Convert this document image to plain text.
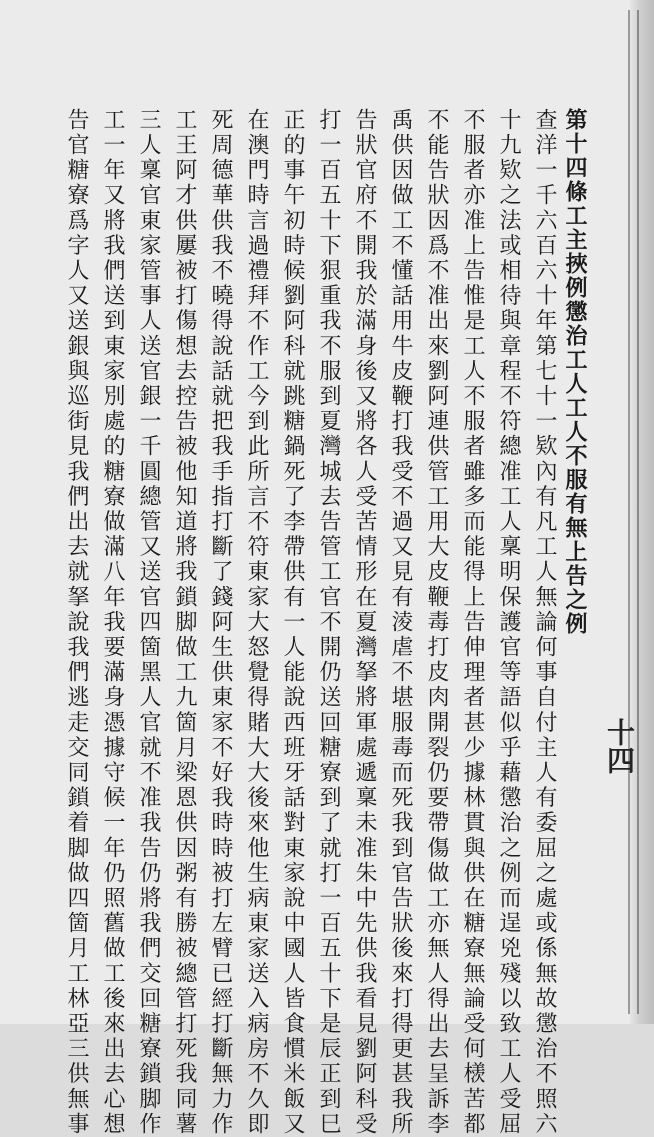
第十四條工主挾例懲治工人工人不服有無上告之例
查洋一千六百六十年第七十一欵內有凡工人無論何事自付主人有委屈之處或係無故懲治不照六
十九欵之法或相待與章程不符總准工人稟明保護官等語似乎藉懲治之例而逞兇殘以致工人受屈
不服者亦准上告惟是工人不服者雖多而能得上告伸理者甚少據林貫與供在糖寮無論受何檨苦都
不能告狀因爲不准出來劉阿連供管工用大皮鞭毒打皮肉開裂仍要帶傷做工亦無人得出去呈訴李
禹供因做工不懂話用牛皮鞭打我受不過又見有淩虐不堪服毒而死我到官告狀後來打得更甚我所
告狀官府不開我於滿身後又將各人受苦情形在夏灣拏將軍處遞稟未准朱中先供我看見劉阿科受
打一百五十下狠重我不服到夏灣城去告管工官不開仍送回糖寮到了就打一百五十下是辰正到巳
正的事午初時候劉阿科就跳糖鍋死了李帶供有一人能說西班牙話對東家說中國人皆食慣米飯又
在澳門時言過禮拜不作工今到此所言不符東家大怒覺得賭大大後來他生病東家送入病房不久即
死周德華供我不曉得說話就把我手指打斷了錢阿生供東家不好我時時被打左臂已經打斷無力作
工王阿才供屢被打傷想去控告被他知道將我鎖脚做工九箇月梁恩供因粥有勝被總管打死我同薯
三人稟官東家管事人送官銀一千圓總管又送官四箇黑人官就不准我告仍將我們交回糖寮鎖脚作
工一年又將我們送到東家別處的糖寮做滿八年我要滿身憑據守候一年仍照舊做工後來出去心想
告官糖寮爲字人又送銀與巡街見我們出去就拏說我們逃走交同鎖着脚做四箇月工林亞三供無事	十四
